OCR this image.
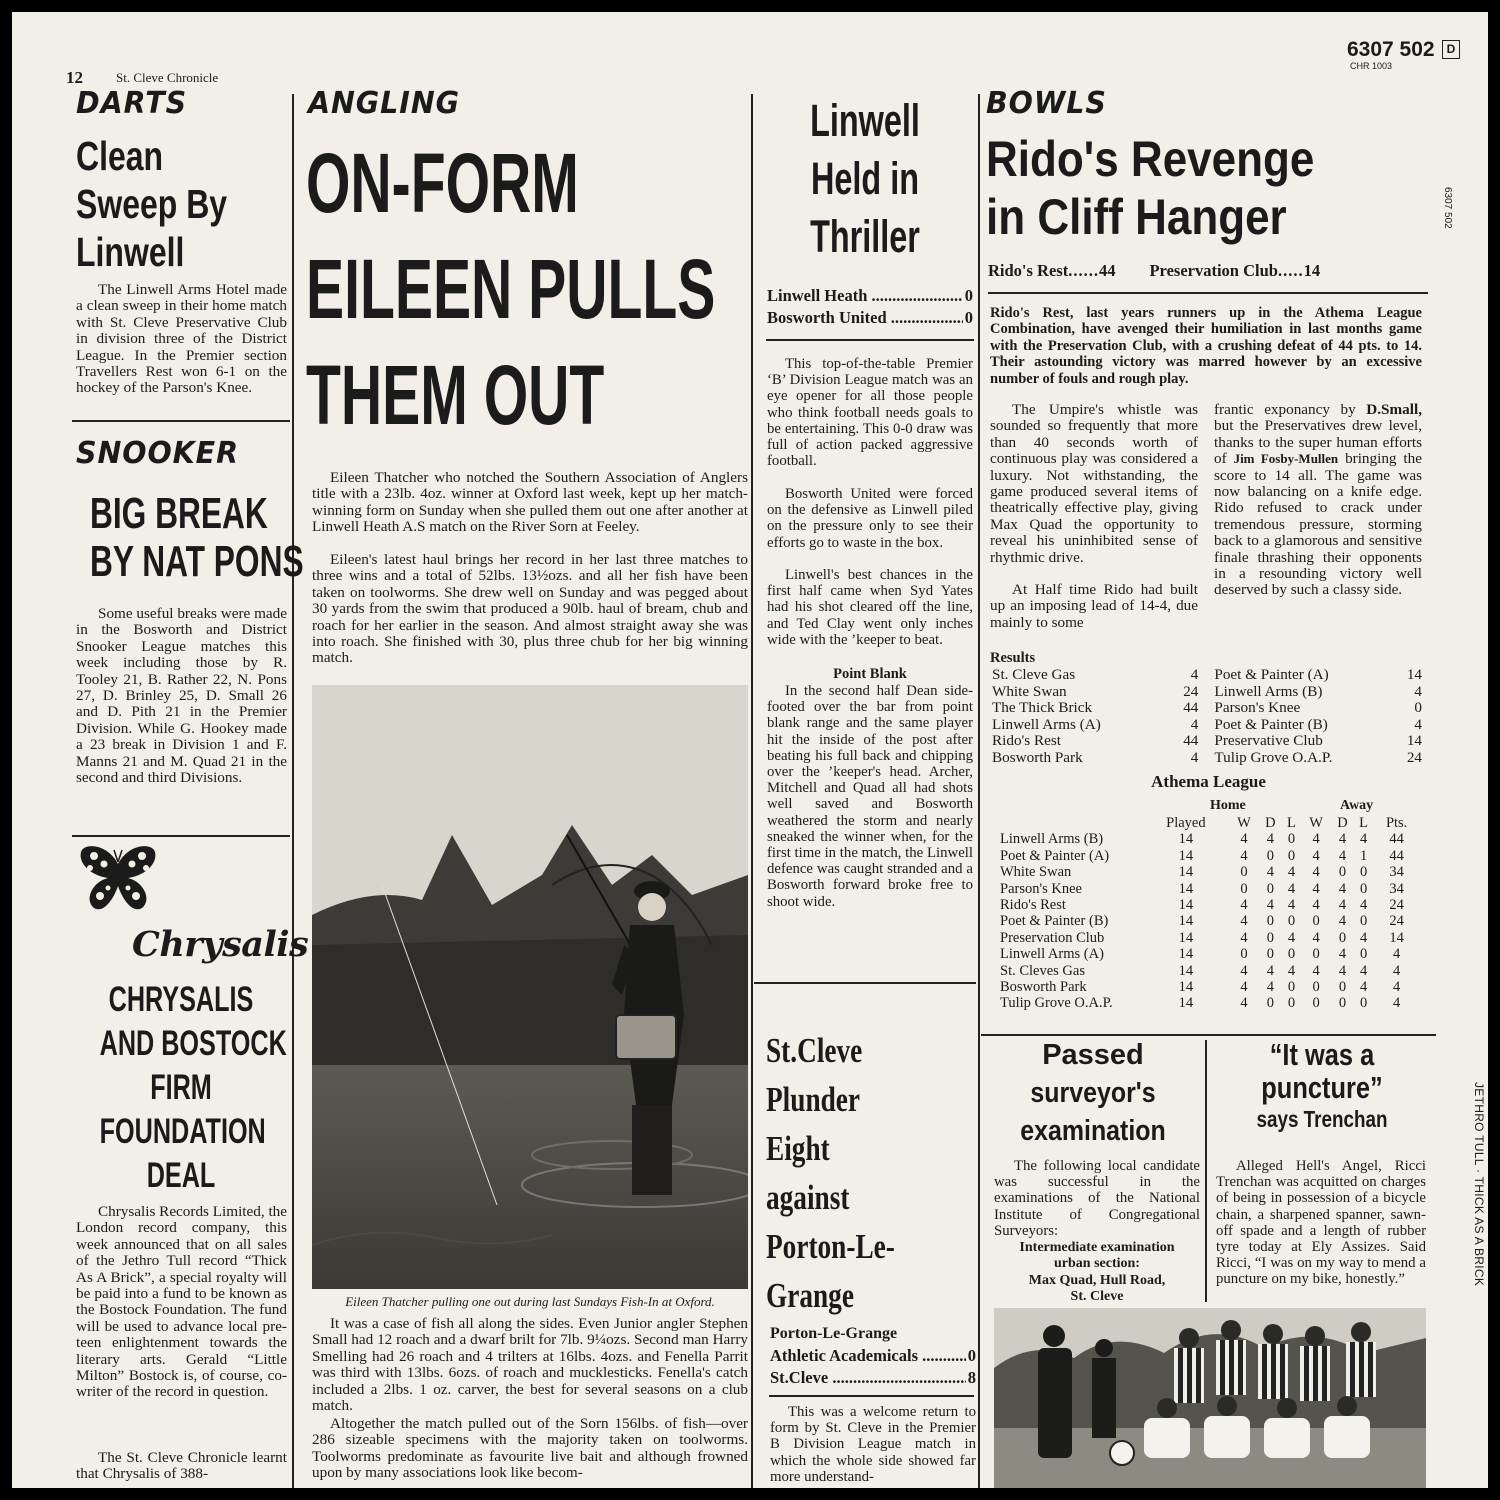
12	St. Cleve Chronicle
6307 502	D
CHR 1003
6307 502
JETHRO TULL · THICK AS A BRICK
DARTS
Clean
Sweep By
Linwell
The Linwell Arms Hotel made a clean sweep in their home match with St. Cleve Preservative Club in division three of the District League. In the Premier section Travellers Rest won 6-1 on the hockey of the Parson's Knee.
SNOOKER
BIG BREAK
BY NAT PONS
Some useful breaks were made in the Bosworth and District Snooker League matches this week including those by R. Tooley 21, B. Rather 22, N. Pons 27, D. Brinley 25, D. Small 26 and D. Pith 21 in the Premier Division. While G. Hookey made a 23 break in Division 1 and F. Manns 21 and M. Quad 21 in the second and third Divisions.
Chrysalis
CHRYSALIS
AND BOSTOCK
FIRM
FOUNDATION
DEAL
Chrysalis Records Limited, the London record company, this week announced that on all sales of the Jethro Tull record “Thick As A Brick”, a special royalty will be paid into a fund to be known as the Bostock Foundation. The fund will be used to advance local pre-teen enlightenment towards the literary arts. Gerald “Little Milton” Bostock is, of course, co-writer of the record in question.
The St. Cleve Chronicle learnt that Chrysalis of 388-
ANGLING
ON-FORM
EILEEN PULLS
THEM OUT
Eileen Thatcher who notched the Southern Association of Anglers title with a 23lb. 4oz. winner at Oxford last week, kept up her match-winning form on Sunday when she pulled them out one after another at Linwell Heath A.S match on the River Sorn at Feeley.
Eileen's latest haul brings her record in her last three matches to three wins and a total of 52lbs. 13½ozs. and all her fish have been taken on toolworms. She drew well on Sunday and was pegged about 30 yards from the swim that produced a 90lb. haul of bream, chub and roach for her earlier in the season. And almost straight away she was into roach. She finished with 30, plus three chub for her big winning match.
Eileen Thatcher pulling one out during last Sundays Fish-In at Oxford.
It was a case of fish all along the sides. Even Junior angler Stephen Small had 12 roach and a dwarf brilt for 7lb. 9¼ozs. Second man Harry Smelling had 26 roach and 4 trilters at 16lbs. 4ozs. and Fenella Parrit was third with 13lbs. 6ozs. of roach and mucklesticks. Fenella's catch included a 2lbs. 1 oz. carver, the best for several seasons on a club match.
Altogether the match pulled out of the Sorn 156lbs. of fish—over 286 sizeable specimens with the majority taken on toolworms. Toolworms predominate as favourite live bait and although frowned upon by many associations look like becom-
Linwell
Held in
Thriller
Linwell Heath .....	0
Bosworth United .....	0
This top-of-the-table Premier ‘B’ Division League match was an eye opener for all those people who think football needs goals to be entertaining. This 0-0 draw was full of action packed aggressive football.
Bosworth United were forced on the defensive as Linwell piled on the pressure only to see their efforts go to waste in the box.
Linwell's best chances in the first half came when Syd Yates had his shot cleared off the line, and Ted Clay went only inches wide with the ’keeper to beat.
Point Blank
In the second half Dean side-footed over the bar from point blank range and the same player hit the inside of the post after beating his full back and chipping over the ’keeper's head. Archer, Mitchell and Quad all had shots well saved and Bosworth weathered the storm and nearly sneaked the winner when, for the first time in the match, the Linwell defence was caught stranded and a Bosworth forward broke free to shoot wide.
St.Cleve
Plunder
Eight
against
Porton-Le-
Grange
Porton-Le-Grange
Athletic Academicals .....	0
St.Cleve .....	8
This was a welcome return to form by St. Cleve in the Premier B Division League match in which the whole side showed far more understand-
BOWLS
Rido's Revenge
in Cliff Hanger
Rido's Rest ...... 44 Preservation Club ..... 14
Rido's Rest, last years runners up in the Athema League Combination, have avenged their humiliation in last months game with the Preservation Club, with a crushing defeat of 44 pts. to 14. Their astounding victory was marred however by an excessive number of fouls and rough play.
The Umpire's whistle was sounded so frequently that more than 40 seconds worth of continuous play was considered a luxury. Not withstanding, the game produced several items of theatrically effective play, giving Max Quad the opportunity to reveal his uninhibited sense of rhythmic drive.
At Half time Rido had built up an imposing lead of 14-4, due mainly to some
frantic exponancy by D.Small, but the Preservatives drew level, thanks to the super human efforts of Jim Fosby-Mullen bringing the score to 14 all. The game was now balancing on a knife edge. Rido refused to crack under tremendous pressure, storming back to a glamorous and sensitive finale thrashing their opponents in a resounding victory well deserved by such a classy side.
Results
St. Cleve Gas	4	Poet & Painter (A)	14
White Swan	24	Linwell Arms (B)	4
The Thick Brick	44	Parson's Knee	0
Linwell Arms (A)	4	Poet & Painter (B)	4
Rido's Rest	44	Preservative Club	14
Bosworth Park	4	Tulip Grove O.A.P.	24
Athema League
Home	Away
	Played	W	D	L	W	D	L	Pts.
Linwell Arms (B)	14	4	4	0	4	4	4	44
Poet & Painter (A)	14	4	0	0	4	4	1	44
White Swan	14	0	4	4	4	0	0	34
Parson's Knee	14	0	0	4	4	4	0	34
Rido's Rest	14	4	4	4	4	4	4	24
Poet & Painter (B)	14	4	0	0	0	4	0	24
Preservation Club	14	4	0	4	4	0	4	14
Linwell Arms (A)	14	0	0	0	0	4	0	4
St. Cleves Gas	14	4	4	4	4	4	4	4
Bosworth Park	14	4	4	0	0	0	4	4
Tulip Grove O.A.P.	14	4	0	0	0	0	0	4
Passed
surveyor's
examination
The following local candidate was successful in the examinations of the National Institute of Congregational Surveyors:
Intermediate examination
urban section:
Max Quad, Hull Road,
St. Cleve
“It was a
puncture”
says Trenchan
Alleged Hell's Angel, Ricci Trenchan was acquitted on charges of being in possession of a bicycle chain, a sharpened spanner, sawn-off spade and a length of rubber tyre today at Ely Assizes. Said Ricci, “I was on my way to mend a puncture on my bike, honestly.”
